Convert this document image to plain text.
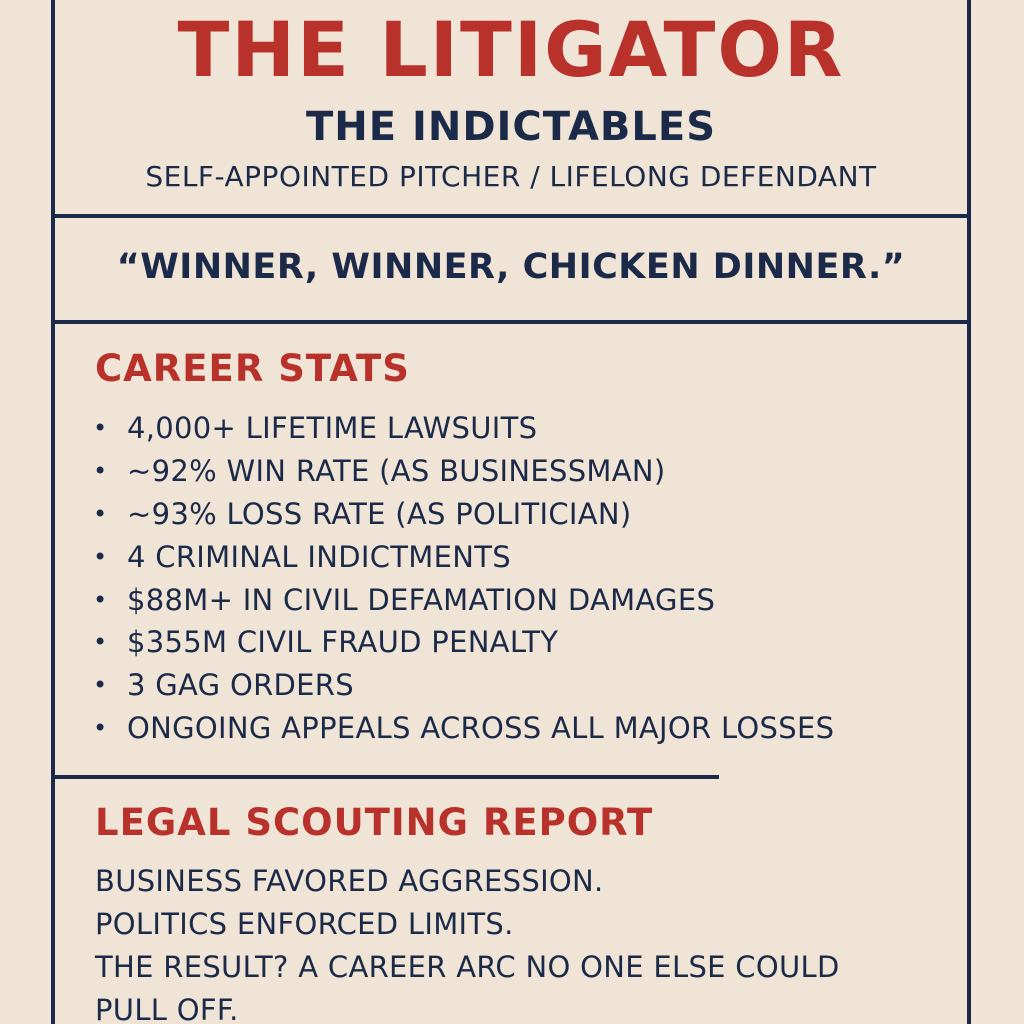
THE LITIGATOR
THE INDICTABLES
SELF-APPOINTED PITCHER / LIFELONG DEFENDANT
“WINNER, WINNER, CHICKEN DINNER.”
CAREER STATS
• 4,000+ LIFETIME LAWSUITS
• ~92% WIN RATE (AS BUSINESSMAN)
• ~93% LOSS RATE (AS POLITICIAN)
• 4 CRIMINAL INDICTMENTS
• $88M+ IN CIVIL DEFAMATION DAMAGES
• $355M CIVIL FRAUD PENALTY
• 3 GAG ORDERS
• ONGOING APPEALS ACROSS ALL MAJOR LOSSES
LEGAL SCOUTING REPORT
BUSINESS FAVORED AGGRESSION.
POLITICS ENFORCED LIMITS.
THE RESULT? A CAREER ARC NO ONE ELSE COULD
PULL OFF.
